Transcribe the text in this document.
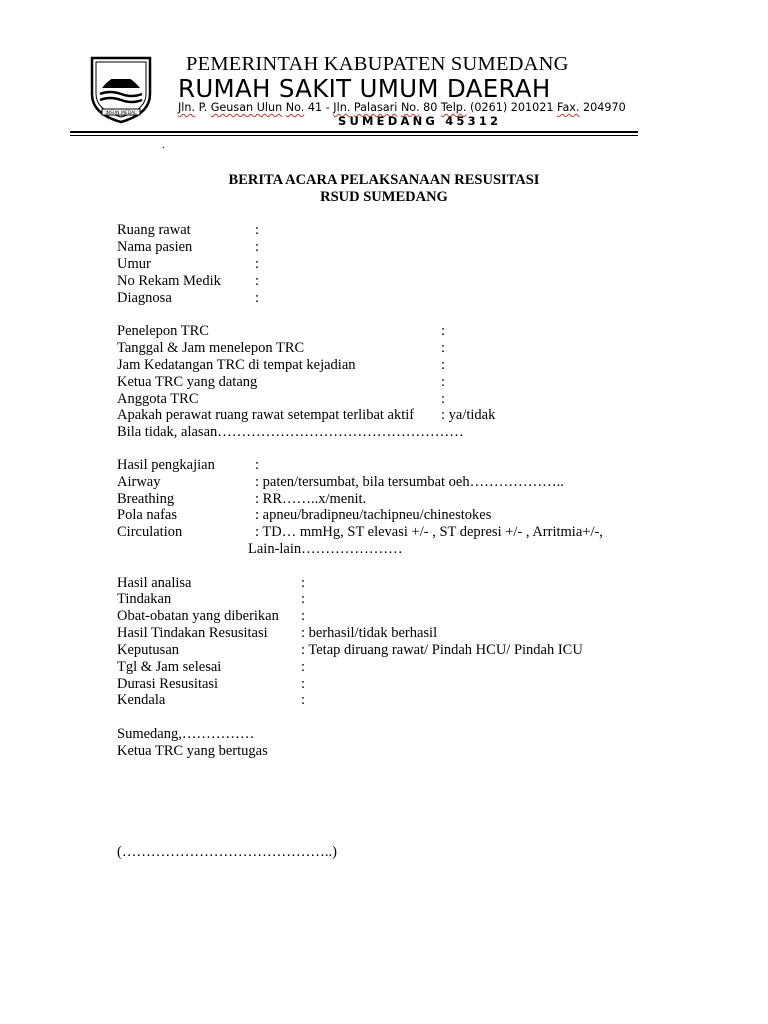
INSUN MEDAL
PEMERINTAH KABUPATEN SUMEDANG
RUMAH SAKIT UMUM DAERAH
Jln. P. Geusan Ulun No. 41 - Jln. Palasari No. 80 Telp. (0261) 201021 Fax. 204970
SUMEDANG 45312
.
BERITA ACARA PELAKSANAAN RESUSITASI
RSUD SUMEDANG
Ruang rawat	:
Nama pasien	:
Umur	:
No Rekam Medik :
Diagnosa	:
Penelepon TRC	:
Tanggal & Jam menelepon TRC	:
Jam Kedatangan TRC di tempat kejadian	:
Ketua TRC yang datang	:
Anggota TRC	:
Apakah perawat ruang rawat setempat terlibat aktif : ya/tidak
Bila tidak, alasan……………………………………………
Hasil pengkajian	:
Airway	: paten/tersumbat, bila tersumbat oeh………………..
Breathing	: RR……..x/menit.
Pola nafas	: apneu/bradipneu/tachipneu/chinestokes
Circulation	: TD… mmHg, ST elevasi +/- , ST depresi +/- , Arritmia+/-,
Lain-lain…………………
Hasil analisa	:
Tindakan	:
Obat-obatan yang diberikan :
Hasil Tindakan Resusitasi : berhasil/tidak berhasil
Keputusan	: Tetap diruang rawat/ Pindah HCU/ Pindah ICU
Tgl & Jam selesai	:
Durasi Resusitasi	:
Kendala	:
Sumedang,……………
Ketua TRC yang bertugas
(……………………………………..)
